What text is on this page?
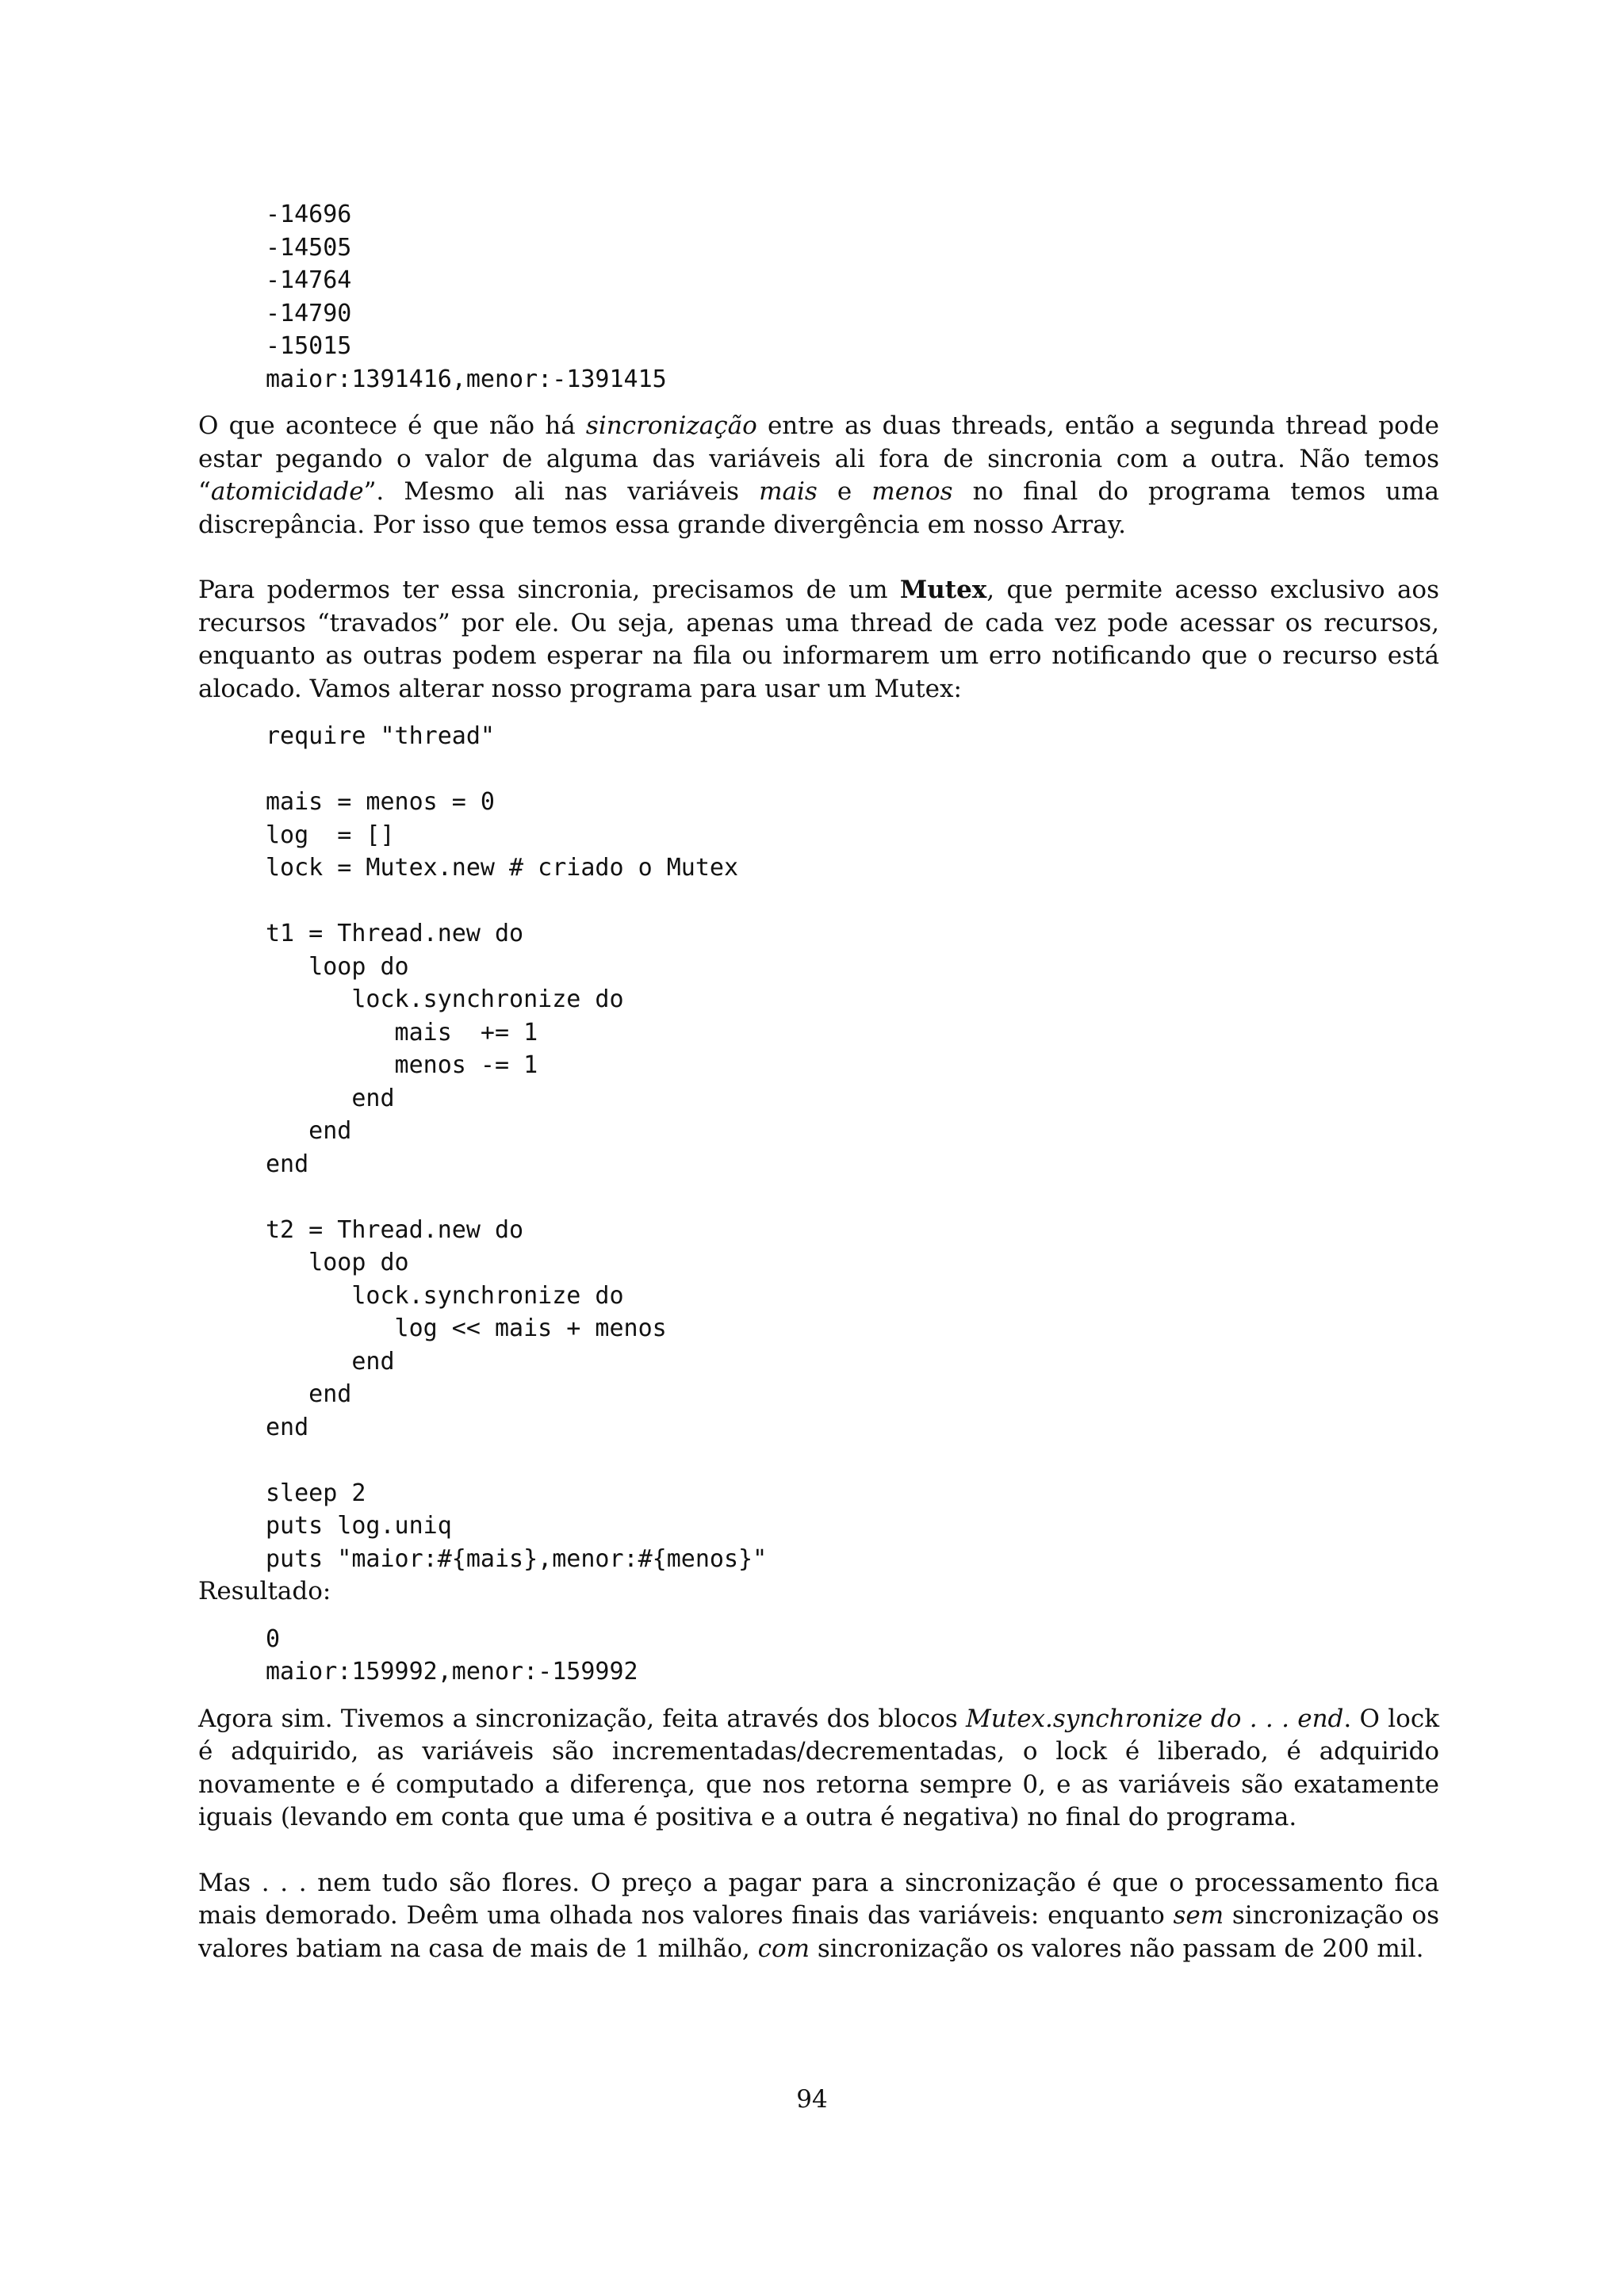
-14696
-14505
-14764
-14790
-15015
maior:1391416,menor:-1391415

O que acontece é que não há sincronização entre as duas threads, então a segunda thread pode estar pegando o valor de alguma das variáveis ali fora de sincronia com a outra. Não temos “atomicidade”. Mesmo ali nas variáveis mais e menos no final do programa temos uma discrepância. Por isso que temos essa grande divergência em nosso Array.

Para podermos ter essa sincronia, precisamos de um Mutex, que permite acesso exclusivo aos recursos “travados” por ele. Ou seja, apenas uma thread de cada vez pode acessar os recursos, enquanto as outras podem esperar na fila ou informarem um erro notificando que o recurso está alocado. Vamos alterar nosso programa para usar um Mutex:

require "thread"

mais = menos = 0
log  = []
lock = Mutex.new # criado o Mutex

t1 = Thread.new do
loop do
lock.synchronize do
mais  += 1
menos -= 1
end
end
end

t2 = Thread.new do
loop do
lock.synchronize do
log << mais + menos
end
end
end

sleep 2
puts log.uniq
puts "maior:#{mais},menor:#{menos}"

Resultado:

0
maior:159992,menor:-159992

Agora sim. Tivemos a sincronização, feita através dos blocos Mutex.synchronize do . . . end. O lock é adquirido, as variáveis são incrementadas/decrementadas, o lock é liberado, é adquirido novamente e é computado a diferença, que nos retorna sempre 0, e as variáveis são exatamente iguais (levando em conta que uma é positiva e a outra é negativa) no final do programa.

Mas . . . nem tudo são flores. O preço a pagar para a sincronização é que o processamento fica mais demorado. Deêm uma olhada nos valores finais das variáveis: enquanto sem sincronização os valores batiam na casa de mais de 1 milhão, com sincronização os valores não passam de 200 mil.

94
